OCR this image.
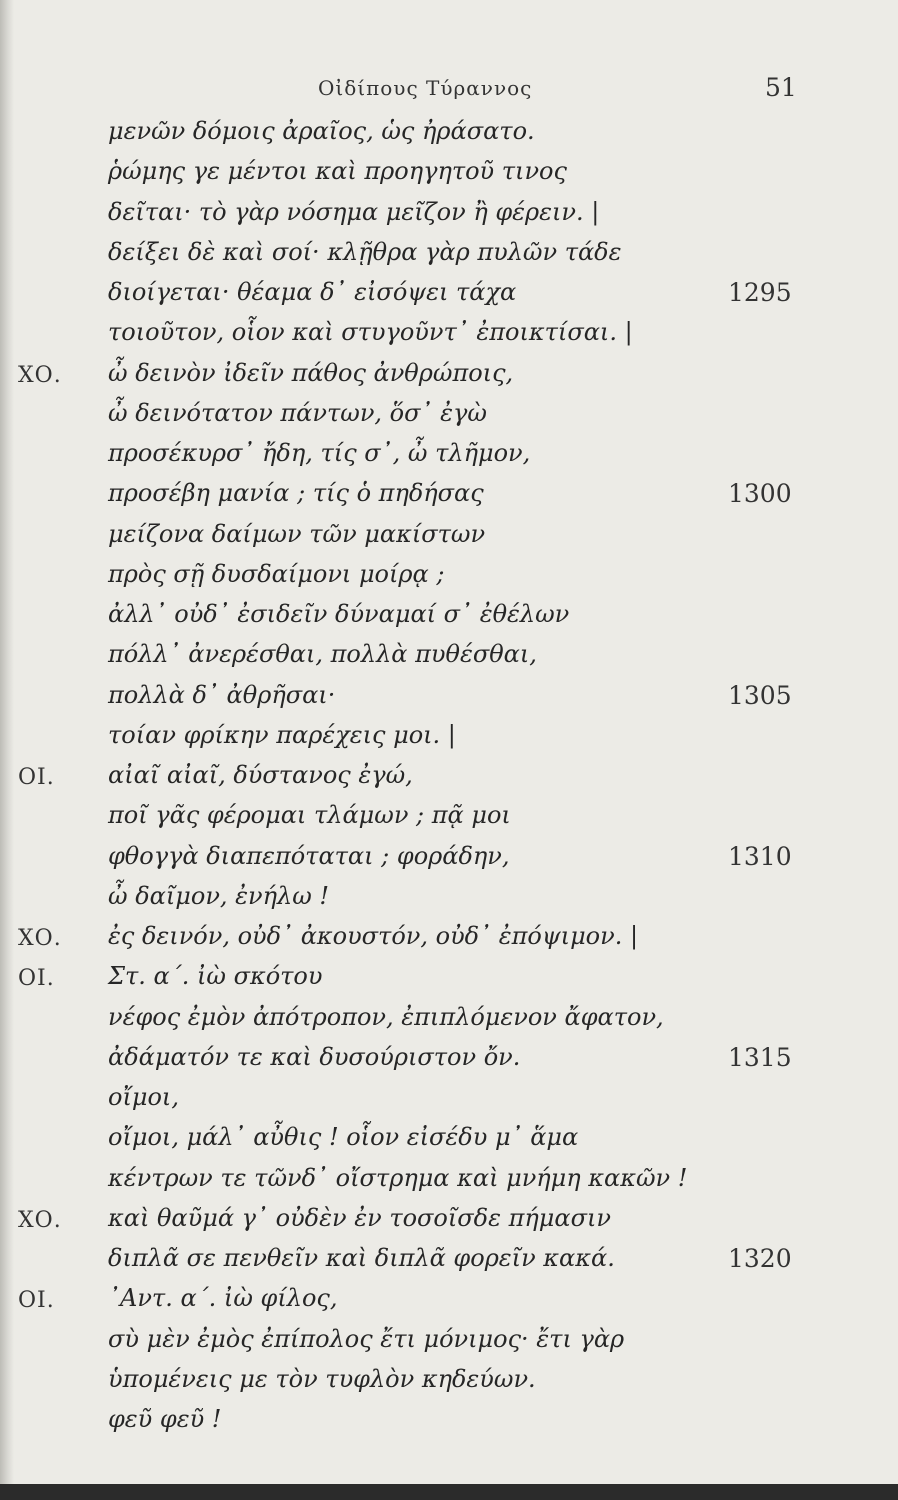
Οἰδίπους Τύραννος	51
μενῶν δόμοις ἀραῖος, ὡς ἠράσατο.
ῥώμης γε μέντοι καὶ προηγητοῦ τινος
δεῖται· τὸ γὰρ νόσημα μεῖζον ἢ φέρειν. |
δείξει δὲ καὶ σοί· κλῇθρα γὰρ πυλῶν τάδε
διοίγεται· θέαμα δ᾽ εἰσόψει τάχα	1295
τοιοῦτον, οἷον καὶ στυγοῦντ᾽ ἐποικτίσαι. |
ΧΟ. ὦ δεινὸν ἰδεῖν πάθος ἀνθρώποις,
ὦ δεινότατον πάντων, ὅσ᾽ ἐγὼ
προσέκυρσ᾽ ἤδη, τίς σ᾽, ὦ τλῆμον,
προσέβη μανία ; τίς ὁ πηδήσας	1300
μείζονα δαίμων τῶν μακίστων
πρὸς σῇ δυσδαίμονι μοίρᾳ ;
ἀλλ᾽ οὐδ᾽ ἐσιδεῖν δύναμαί σ᾽ ἐθέλων
πόλλ᾽ ἀνερέσθαι, πολλὰ πυθέσθαι,
πολλὰ δ᾽ ἀθρῆσαι·	1305
τοίαν φρίκην παρέχεις μοι. |
ΟΙ. αἰαῖ αἰαῖ, δύστανος ἐγώ,
ποῖ γᾶς φέρομαι τλάμων ; πᾷ μοι
φθογγὰ διαπεπόταται ; φοράδην,	1310
ὦ δαῖμον, ἐνήλω !
ΧΟ. ἐς δεινόν, οὐδ᾽ ἀκουστόν, οὐδ᾽ ἐπόψιμον. |
ΟΙ. Στ. α΄. ἰὼ σκότου
νέφος ἐμὸν ἀπότροπον, ἐπιπλόμενον ἄφατον,
ἀδάματόν τε καὶ δυσούριστον ὄν.	1315
οἴμοι,
οἴμοι, μάλ᾽ αὖθις ! οἷον εἰσέδυ μ᾽ ἅμα
κέντρων τε τῶνδ᾽ οἴστρημα καὶ μνήμη κακῶν !
ΧΟ. καὶ θαῦμά γ᾽ οὐδὲν ἐν τοσοῖσδε πήμασιν
διπλᾶ σε πενθεῖν καὶ διπλᾶ φορεῖν κακά.	1320
ΟΙ. ᾽Αντ. α΄. ἰὼ φίλος,
σὺ μὲν ἐμὸς ἐπίπολος ἔτι μόνιμος· ἔτι γὰρ
ὑπομένεις με τὸν τυφλὸν κηδεύων.
φεῦ φεῦ !
